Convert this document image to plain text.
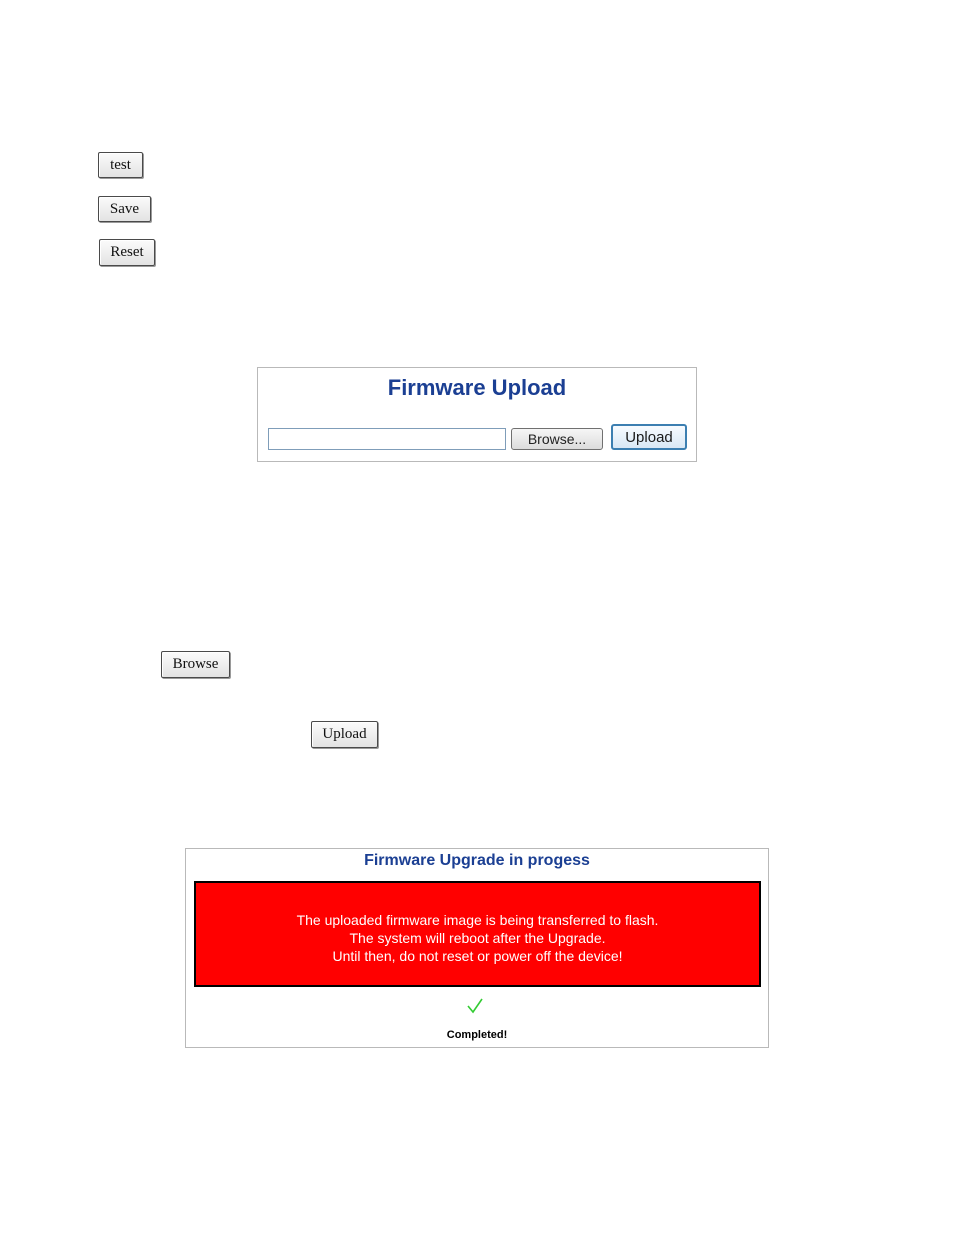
test
Save
Reset
Firmware Upload
Browse...	Upload
Browse
Upload
Firmware Upgrade in progess
The uploaded firmware image is being transferred to flash.
The system will reboot after the Upgrade.
Until then, do not reset or power off the device!
Completed!
